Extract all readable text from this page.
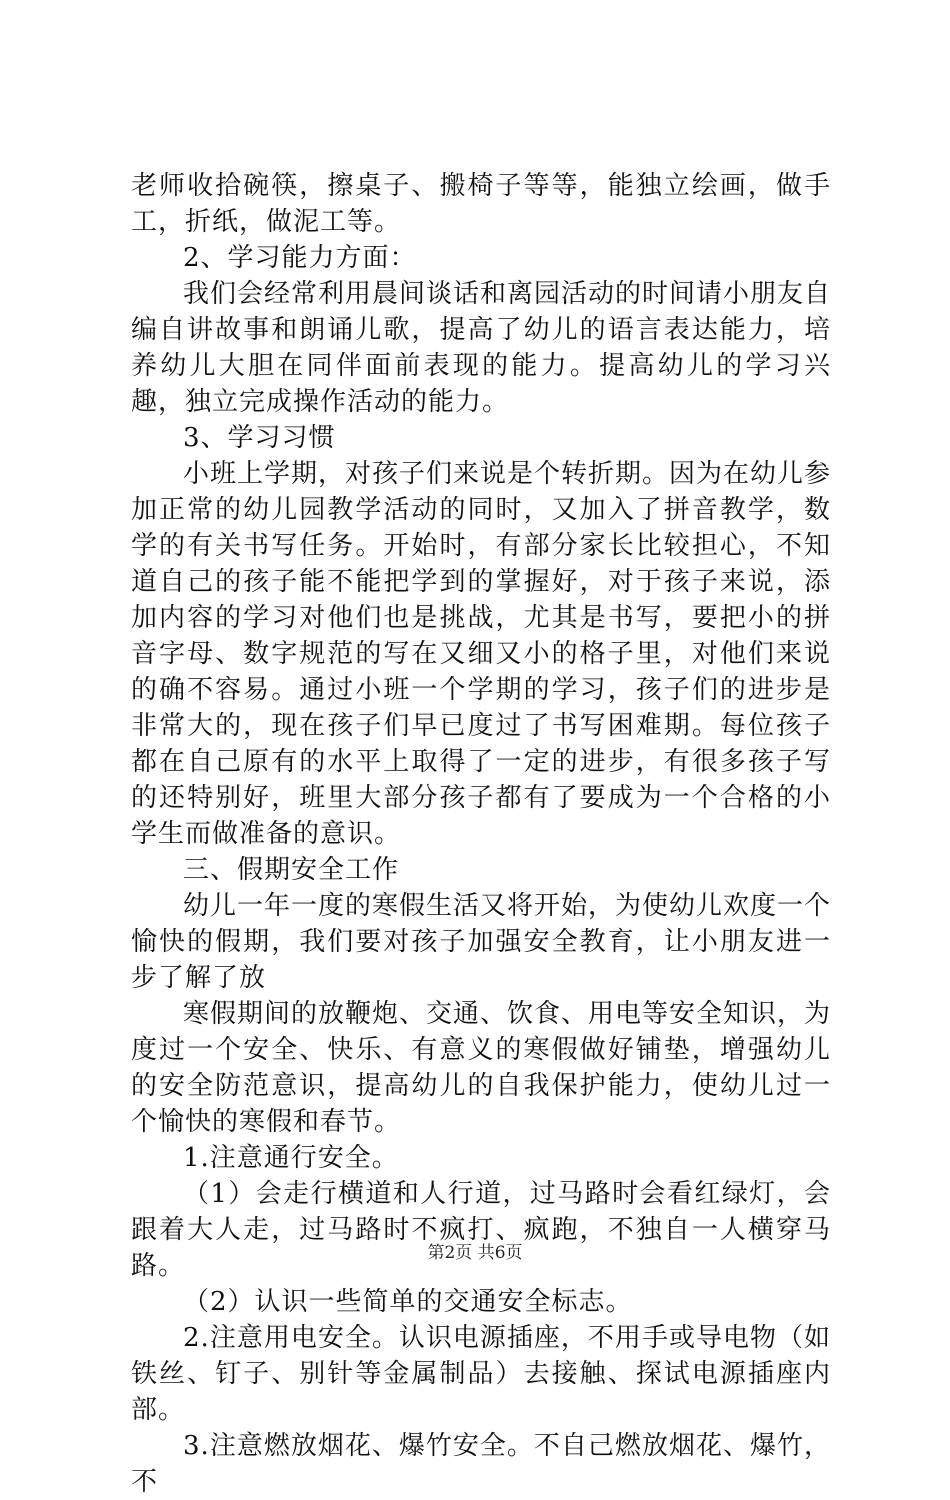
老师收拾碗筷，擦桌子、搬椅子等等，能独立绘画，做手工，折纸，做泥工等。

2、学习能力方面：

我们会经常利用晨间谈话和离园活动的时间请小朋友自编自讲故事和朗诵儿歌，提高了幼儿的语言表达能力，培养幼儿大胆在同伴面前表现的能力。提高幼儿的学习兴趣，独立完成操作活动的能力。

3、学习习惯

小班上学期，对孩子们来说是个转折期。因为在幼儿参加正常的幼儿园教学活动的同时，又加入了拼音教学，数学的有关书写任务。开始时，有部分家长比较担心，不知道自己的孩子能不能把学到的掌握好，对于孩子来说，添加内容的学习对他们也是挑战，尤其是书写，要把小的拼音字母、数字规范的写在又细又小的格子里，对他们来说的确不容易。通过小班一个学期的学习，孩子们的进步是非常大的，现在孩子们早已度过了书写困难期。每位孩子都在自己原有的水平上取得了一定的进步，有很多孩子写的还特别好，班里大部分孩子都有了要成为一个合格的小学生而做准备的意识。

三、假期安全工作

幼儿一年一度的寒假生活又将开始，为使幼儿欢度一个愉快的假期，我们要对孩子加强安全教育，让小朋友进一步了解了放

寒假期间的放鞭炮、交通、饮食、用电等安全知识，为度过一个安全、快乐、有意义的寒假做好铺垫，增强幼儿的安全防范意识，提高幼儿的自我保护能力，使幼儿过一个愉快的寒假和春节。

1.注意通行安全。

（1）会走行横道和人行道，过马路时会看红绿灯，会跟着大人走，过马路时不疯打、疯跑，不独自一人横穿马路。

（2）认识一些简单的交通安全标志。

2.注意用电安全。认识电源插座，不用手或导电物（如铁丝、钉子、别针等金属制品）去接触、探试电源插座内部。

3.注意燃放烟花、爆竹安全。不自己燃放烟花、爆竹，不

第2页 共6页
